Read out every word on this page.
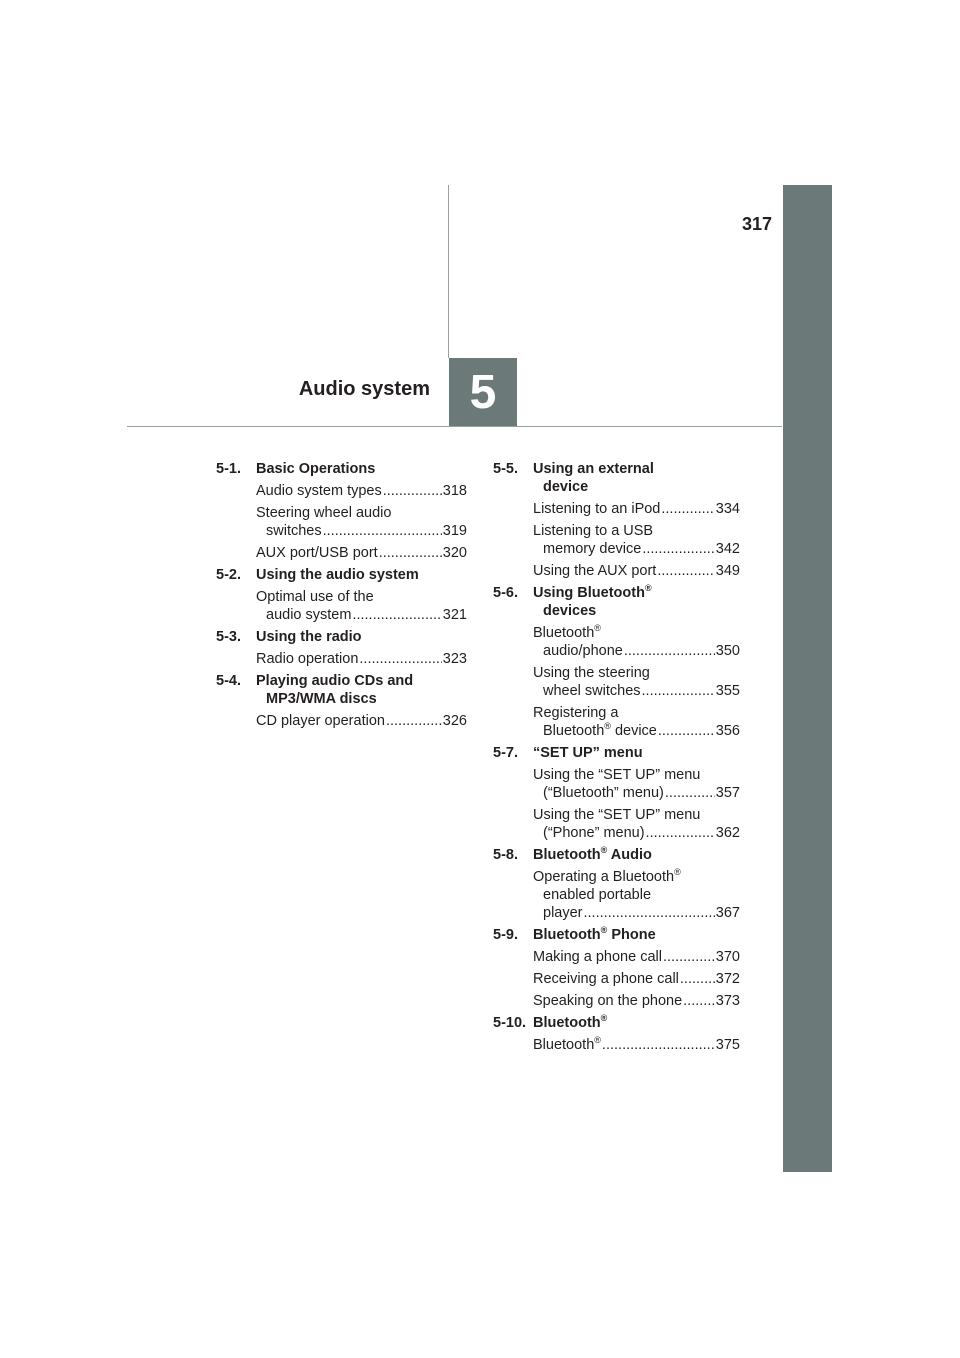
317
5
Audio system
5-1. Basic Operations
Audio system types .....	318
Steering wheel audio
switches .....	319
AUX port/USB port .....	320
5-2. Using the audio system
Optimal use of the
audio system .....	321
5-3. Using the radio
Radio operation .....	323
5-4. Playing audio CDs and
MP3/WMA discs
CD player operation .....	326
5-5. Using an external
device
Listening to an iPod .....	334
Listening to a USB
memory device .....	342
Using the AUX port .....	349
5-6. Using Bluetooth®
devices
Bluetooth®
audio/phone .....	350
Using the steering
wheel switches .....	355
Registering a
Bluetooth® device .....	356
5-7. “SET UP” menu
Using the “SET UP” menu
(“Bluetooth” menu) .....	357
Using the “SET UP” menu
(“Phone” menu) .....	362
5-8. Bluetooth® Audio
Operating a Bluetooth®
enabled portable
player .....	367
5-9. Bluetooth® Phone
Making a phone call .....	370
Receiving a phone call .....	372
Speaking on the phone ..... 373
5-10. Bluetooth®
Bluetooth® .....	375
